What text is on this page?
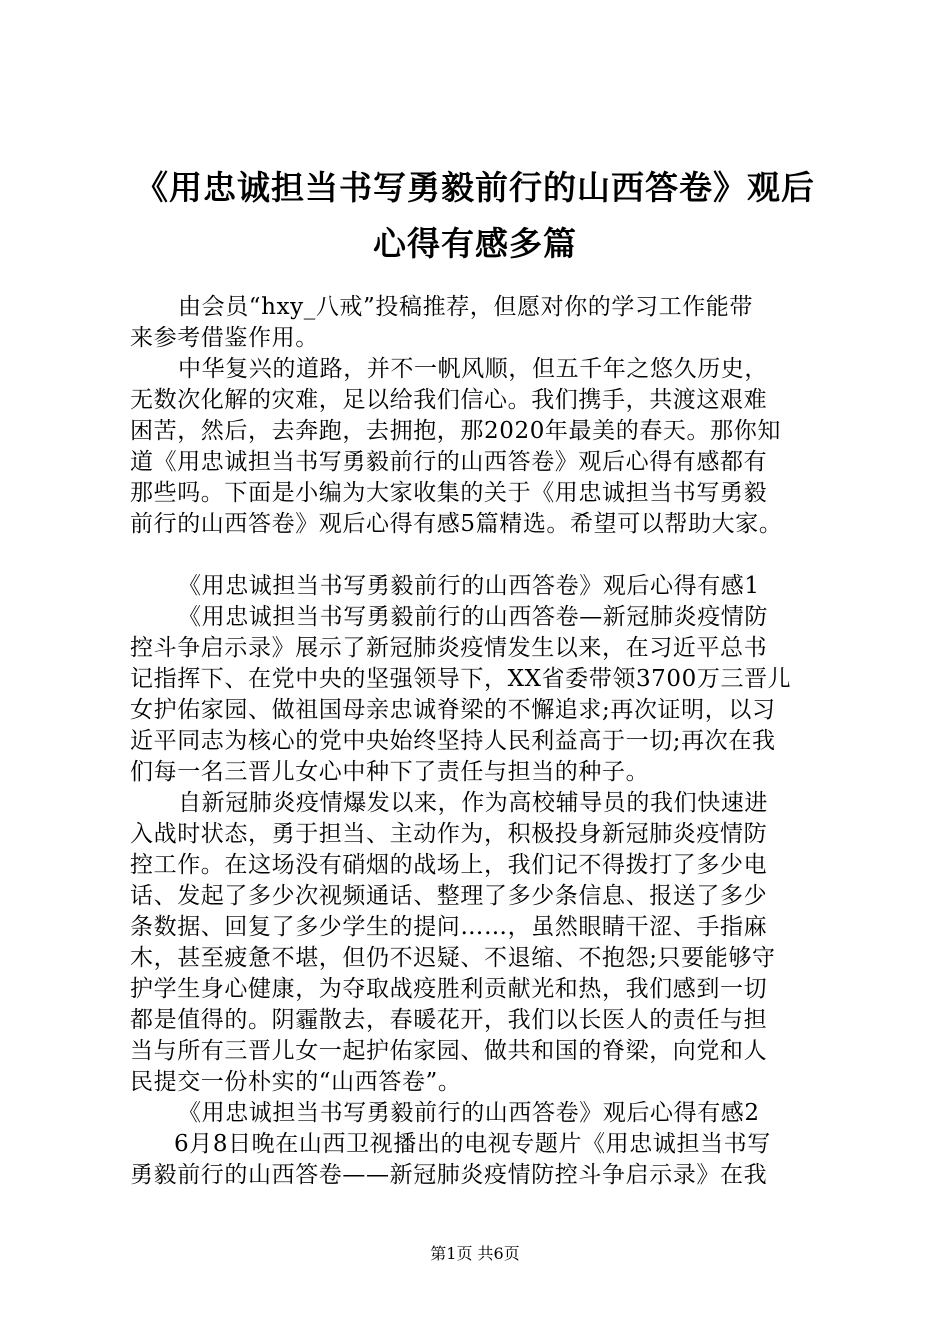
《用忠诚担当书写勇毅前行的山西答卷》观后
心得有感多篇
由会员“hxy_八戒”投稿推荐，但愿对你的学习工作能带
来参考借鉴作用。
中华复兴的道路，并不一帆风顺，但五千年之悠久历史，
无数次化解的灾难，足以给我们信心。我们携手，共渡这艰难
困苦，然后，去奔跑，去拥抱，那2020年最美的春天。那你知
道《用忠诚担当书写勇毅前行的山西答卷》观后心得有感都有
那些吗。下面是小编为大家收集的关于《用忠诚担当书写勇毅
前行的山西答卷》观后心得有感5篇精选。希望可以帮助大家。
《用忠诚担当书写勇毅前行的山西答卷》观后心得有感1
《用忠诚担当书写勇毅前行的山西答卷—新冠肺炎疫情防
控斗争启示录》展示了新冠肺炎疫情发生以来，在习近平总书
记指挥下、在党中央的坚强领导下，XX省委带领3700万三晋儿
女护佑家园、做祖国母亲忠诚脊梁的不懈追求;再次证明，以习
近平同志为核心的党中央始终坚持人民利益高于一切;再次在我
们每一名三晋儿女心中种下了责任与担当的种子。
自新冠肺炎疫情爆发以来，作为高校辅导员的我们快速进
入战时状态，勇于担当、主动作为，积极投身新冠肺炎疫情防
控工作。在这场没有硝烟的战场上，我们记不得拨打了多少电
话、发起了多少次视频通话、整理了多少条信息、报送了多少
条数据、回复了多少学生的提问……，虽然眼睛干涩、手指麻
木，甚至疲惫不堪，但仍不迟疑、不退缩、不抱怨;只要能够守
护学生身心健康，为夺取战疫胜利贡献光和热，我们感到一切
都是值得的。阴霾散去，春暖花开，我们以长医人的责任与担
当与所有三晋儿女一起护佑家园、做共和国的脊梁，向党和人
民提交一份朴实的“山西答卷”。
《用忠诚担当书写勇毅前行的山西答卷》观后心得有感2
6月8日晚在山西卫视播出的电视专题片《用忠诚担当书写
勇毅前行的山西答卷——新冠肺炎疫情防控斗争启示录》在我
第1页 共6页
